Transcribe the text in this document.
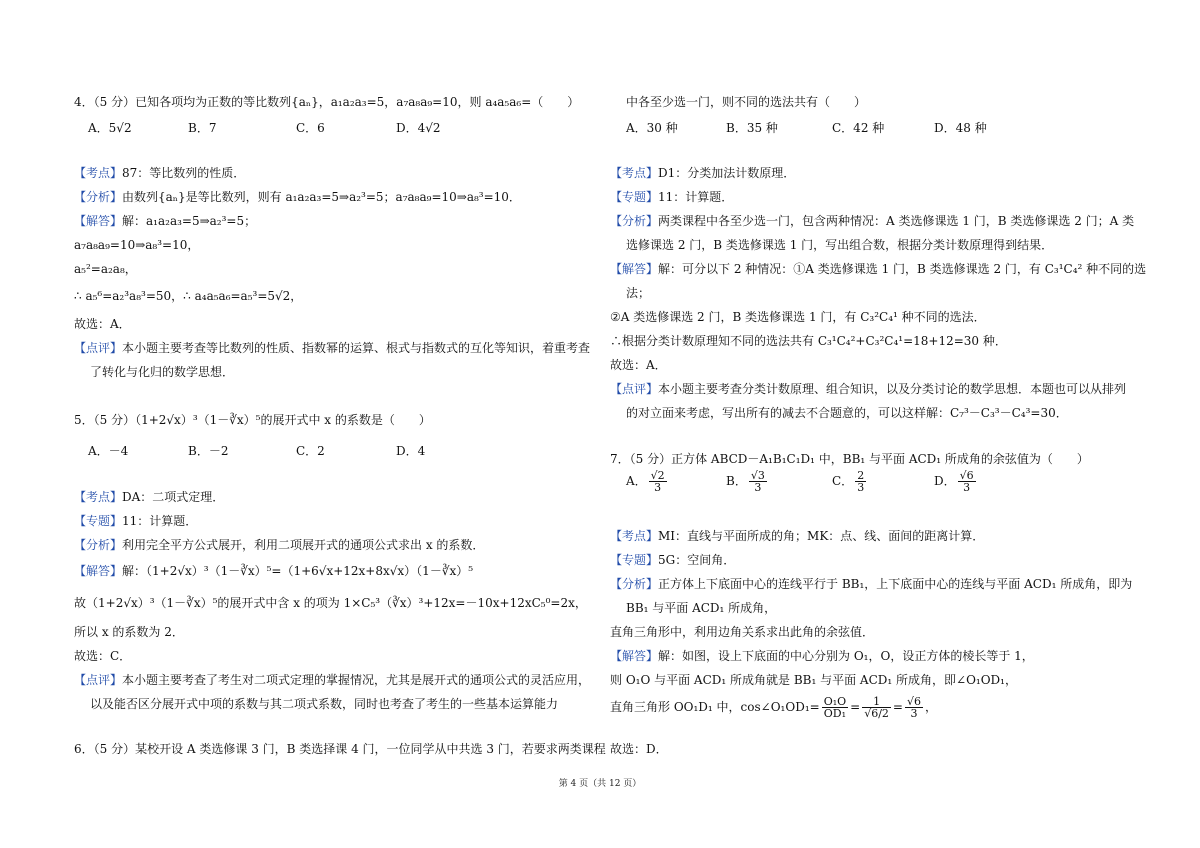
4．（5 分）已知各项均为正数的等比数列{aₙ}，a₁a₂a₃=5，a₇a₈a₉=10，则 a₄a₅a₆=（　　）
A．5√2	B．7	C．6	D．4√2
【考点】87：等比数列的性质．
【分析】由数列{aₙ}是等比数列，则有 a₁a₂a₃=5⇒a₂³=5；a₇a₈a₉=10⇒a₈³=10．
【解答】解：a₁a₂a₃=5⇒a₂³=5；
a₇a₈a₉=10⇒a₈³=10，
a₅²=a₂a₈，
∴ a₅⁶=a₂³a₈³=50，∴ a₄a₅a₆=a₅³=5√2，
故选：A．
【点评】本小题主要考查等比数列的性质、指数幂的运算、根式与指数式的互化等知识，着重考查
了转化与化归的数学思想．
5．（5 分）（1+2√x）³（1－∛x）⁵的展开式中 x 的系数是（　　）
A．－4	B．－2	C．2	D．4
【考点】DA：二项式定理．
【专题】11：计算题．
【分析】利用完全平方公式展开，利用二项展开式的通项公式求出 x 的系数．
【解答】解：（1+2√x）³（1－∛x）⁵=（1+6√x+12x+8x√x）（1－∛x）⁵
故（1+2√x）³（1－∛x）⁵的展开式中含 x 的项为 1×C₅³（∛x）³+12x=－10x+12xC₅⁰=2x，
所以 x 的系数为 2．
故选：C．
【点评】本小题主要考查了考生对二项式定理的掌握情况，尤其是展开式的通项公式的灵活应用，
以及能否区分展开式中项的系数与其二项式系数，同时也考查了考生的一些基本运算能力
6．（5 分）某校开设 A 类选修课 3 门，B 类选择课 4 门，一位同学从中共选 3 门，若要求两类课程
中各至少选一门，则不同的选法共有（　　）
A．30 种	B．35 种	C．42 种	D．48 种
【考点】D1：分类加法计数原理．
【专题】11：计算题．
【分析】两类课程中各至少选一门，包含两种情况：A 类选修课选 1 门，B 类选修课选 2 门；A 类
选修课选 2 门，B 类选修课选 1 门，写出组合数，根据分类计数原理得到结果．
【解答】解：可分以下 2 种情况：①A 类选修课选 1 门，B 类选修课选 2 门，有 C₃¹C₄² 种不同的选
法；
②A 类选修课选 2 门，B 类选修课选 1 门，有 C₃²C₄¹ 种不同的选法．
∴根据分类计数原理知不同的选法共有 C₃¹C₄²+C₃²C₄¹=18+12=30 种．
故选：A．
【点评】本小题主要考查分类计数原理、组合知识，以及分类讨论的数学思想．本题也可以从排列
的对立面来考虑，写出所有的减去不合题意的，可以这样解：C₇³－C₃³－C₄³=30．
7．（5 分）正方体 ABCD－A₁B₁C₁D₁ 中，BB₁ 与平面 ACD₁ 所成角的余弦值为（　　）
A． $\frac{√2}{3}$	B． $\frac{√3}{3}$	C． $\frac{2}{3}$	D． $\frac{√6}{3}$
【考点】MI：直线与平面所成的角；MK：点、线、面间的距离计算．
【专题】5G：空间角．
【分析】正方体上下底面中心的连线平行于 BB₁，上下底面中心的连线与平面 ACD₁ 所成角，即为
BB₁ 与平面 ACD₁ 所成角，
直角三角形中，利用边角关系求出此角的余弦值．
【解答】解：如图，设上下底面的中心分别为 O₁，O，设正方体的棱长等于 1，
则 O₁O 与平面 ACD₁ 所成角就是 BB₁ 与平面 ACD₁ 所成角，即∠O₁OD₁，
直角三角形 OO₁D₁ 中，cos∠O₁OD₁= $\frac{\text{O₁O}}{\text{OD₁}} = \frac{1}{√6/2} = \frac{√6}{3}$ ，
故选：D．
第 4 页（共 12 页）
